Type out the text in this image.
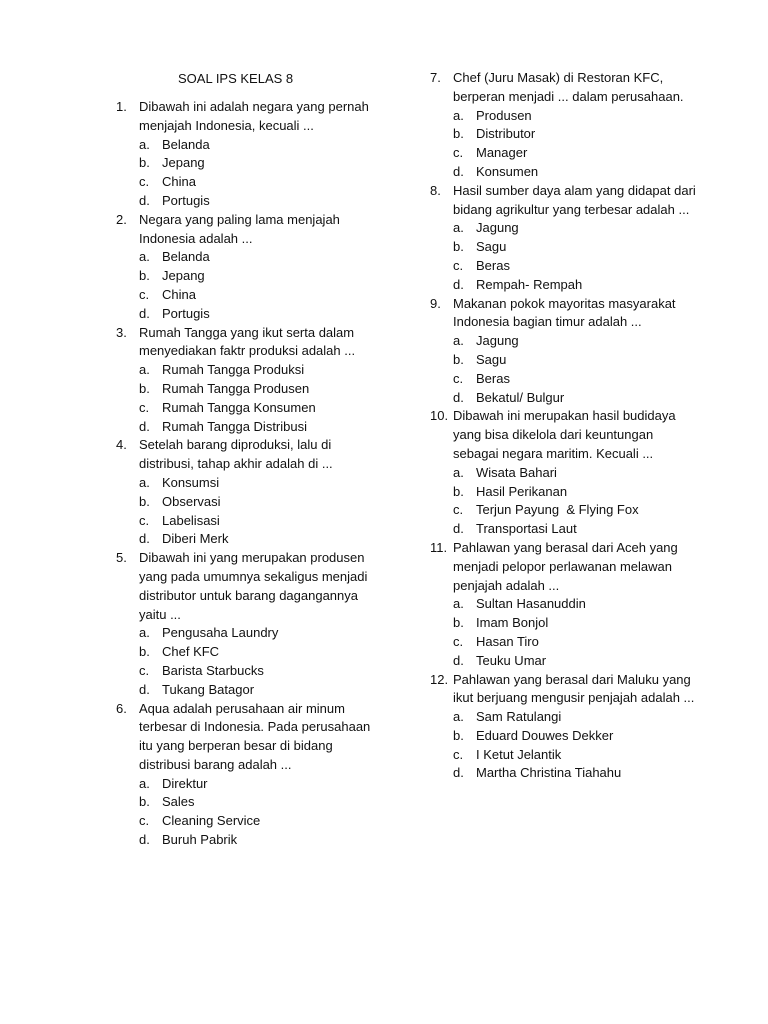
SOAL IPS KELAS 8
1. Dibawah ini adalah negara yang pernah menjajah Indonesia, kecuali ...
a. Belanda
b. Jepang
c. China
d. Portugis
2. Negara yang paling lama menjajah Indonesia adalah ...
a. Belanda
b. Jepang
c. China
d. Portugis
3. Rumah Tangga yang ikut serta dalam menyediakan faktr produksi adalah ...
a. Rumah Tangga Produksi
b. Rumah Tangga Produsen
c. Rumah Tangga Konsumen
d. Rumah Tangga Distribusi
4. Setelah barang diproduksi, lalu di distribusi, tahap akhir adalah di ...
a. Konsumsi
b. Observasi
c. Labelisasi
d. Diberi Merk
5. Dibawah ini yang merupakan produsen yang pada umumnya sekaligus menjadi distributor untuk barang dagangannya yaitu ...
a. Pengusaha Laundry
b. Chef KFC
c. Barista Starbucks
d. Tukang Batagor
6. Aqua adalah perusahaan air minum terbesar di Indonesia. Pada perusahaan itu yang berperan besar di bidang distribusi barang adalah ...
a. Direktur
b. Sales
c. Cleaning Service
d. Buruh Pabrik
7. Chef (Juru Masak) di Restoran KFC, berperan menjadi ... dalam perusahaan.
a. Produsen
b. Distributor
c. Manager
d. Konsumen
8. Hasil sumber daya alam yang didapat dari bidang agrikultur yang terbesar adalah ...
a. Jagung
b. Sagu
c. Beras
d. Rempah- Rempah
9. Makanan pokok mayoritas masyarakat Indonesia bagian timur adalah ...
a. Jagung
b. Sagu
c. Beras
d. Bekatul/ Bulgur
10. Dibawah ini merupakan hasil budidaya yang bisa dikelola dari keuntungan sebagai negara maritim. Kecuali ...
a. Wisata Bahari
b. Hasil Perikanan
c. Terjun Payung  & Flying Fox
d. Transportasi Laut
11. Pahlawan yang berasal dari Aceh yang menjadi pelopor perlawanan melawan penjajah adalah ...
a. Sultan Hasanuddin
b. Imam Bonjol
c. Hasan Tiro
d. Teuku Umar
12. Pahlawan yang berasal dari Maluku yang ikut berjuang mengusir penjajah adalah ...
a. Sam Ratulangi
b. Eduard Douwes Dekker
c. I Ketut Jelantik
d. Martha Christina Tiahahu
